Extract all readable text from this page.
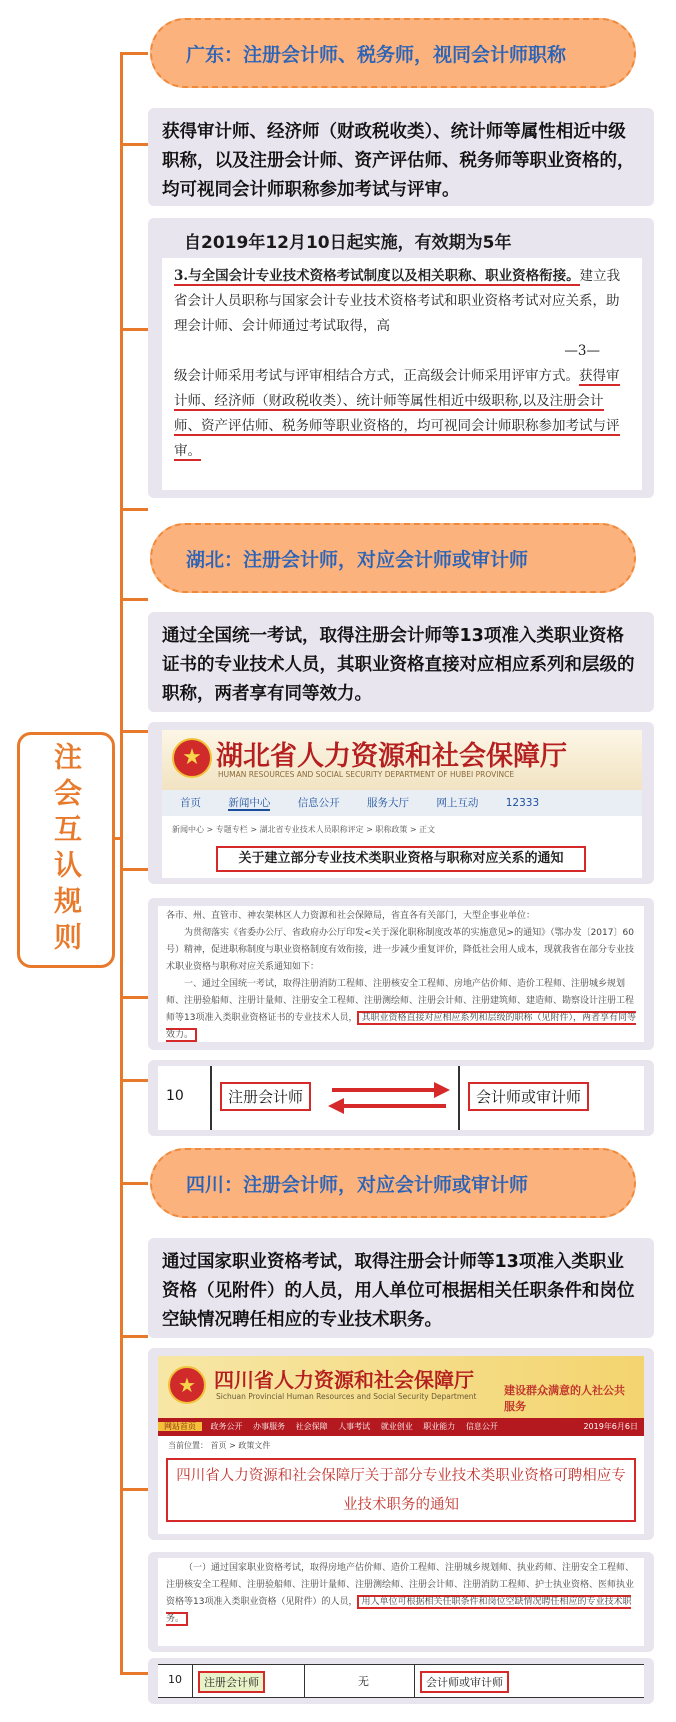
注会互认规则
广东：注册会计师、税务师，视同会计师职称

获得审计师、经济师（财政税收类）、统计师等属性相近中级职称，以及注册会计师、资产评估师、税务师等职业资格的，均可视同会计师职称参加考试与评审。

自2019年12月10日起实施，有效期为5年
3.与全国会计专业技术资格考试制度以及相关职称、职业资格衔接。建立我省会计人员职称与国家会计专业技术资格考试和职业资格考试对应关系，助理会计师、会计师通过考试取得，高
—3—
级会计师采用考试与评审相结合方式，正高级会计师采用评审方式。获得审计师、经济师（财政税收类）、统计师等属性相近中级职称,以及注册会计师、资产评估师、税务师等职业资格的，均可视同会计师职称参加考试与评审。
湖北：注册会计师，对应会计师或审计师

通过全国统一考试，取得注册会计师等13项准入类职业资格证书的专业技术人员，其职业资格直接对应相应系列和层级的职称，两者享有同等效力。

★ 湖北省人力资源和社会保障厅
HUMAN RESOURCES AND SOCIAL SECURITY DEPARTMENT OF HUBEI PROVINCE
首页	新闻中心	信息公开	服务大厅	网上互动	12333
新闻中心 > 专题专栏 > 湖北省专业技术人员职称评定 > 职称政策 > 正文
关于建立部分专业技术类职业资格与职称对应关系的通知
各市、州、直管市、神农架林区人力资源和社会保障局，省直各有关部门，大型企事业单位：
为贯彻落实《省委办公厅、省政府办公厅印发<关于深化职称制度改革的实施意见>的通知》（鄂办发〔2017〕60号）精神，促进职称制度与职业资格制度有效衔接，进一步减少重复评价，降低社会用人成本，现就我省在部分专业技术职业资格与职称对应关系通知如下：
一、通过全国统一考试，取得注册消防工程师、注册核安全工程师、房地产估价师、造价工程师、注册城乡规划师、注册验船师、注册计量师、注册安全工程师、注册测绘师、注册会计师、注册建筑师、建造师、勘察设计注册工程师等13项准入类职业资格证书的专业技术人员， 其职业资格直接对应相应系列和层级的职称（见附件），两者享有同等效力。
10	注册会计师	会计师或审计师
四川：注册会计师，对应会计师或审计师

通过国家职业资格考试，取得注册会计师等13项准入类职业资格（见附件）的人员，用人单位可根据相关任职条件和岗位空缺情况聘任相应的专业技术职务。

★ 四川省人力资源和社会保障厅
Sichuan Provincial Human Resources and Social Security Department	建设群众满意的人社公共服务
网站首页 政务公开 办事服务 社会保障 人事考试 就业创业 职业能力 信息公开	2019年6月6日
当前位置： 首页 > 政策文件
四川省人力资源和社会保障厅关于部分专业技术类职业资格可聘相应专业技术职务的通知
（一）通过国家职业资格考试，取得房地产估价师、造价工程师、注册城乡规划师、执业药师、注册安全工程师、注册核安全工程师、注册验船师、注册计量师、注册测绘师、注册会计师、注册消防工程师、护士执业资格、医师执业资格等13项准入类职业资格（见附件）的人员， 用人单位可根据相关任职条件和岗位空缺情况聘任相应的专业技术职务。
10	注册会计师	无	会计师或审计师
